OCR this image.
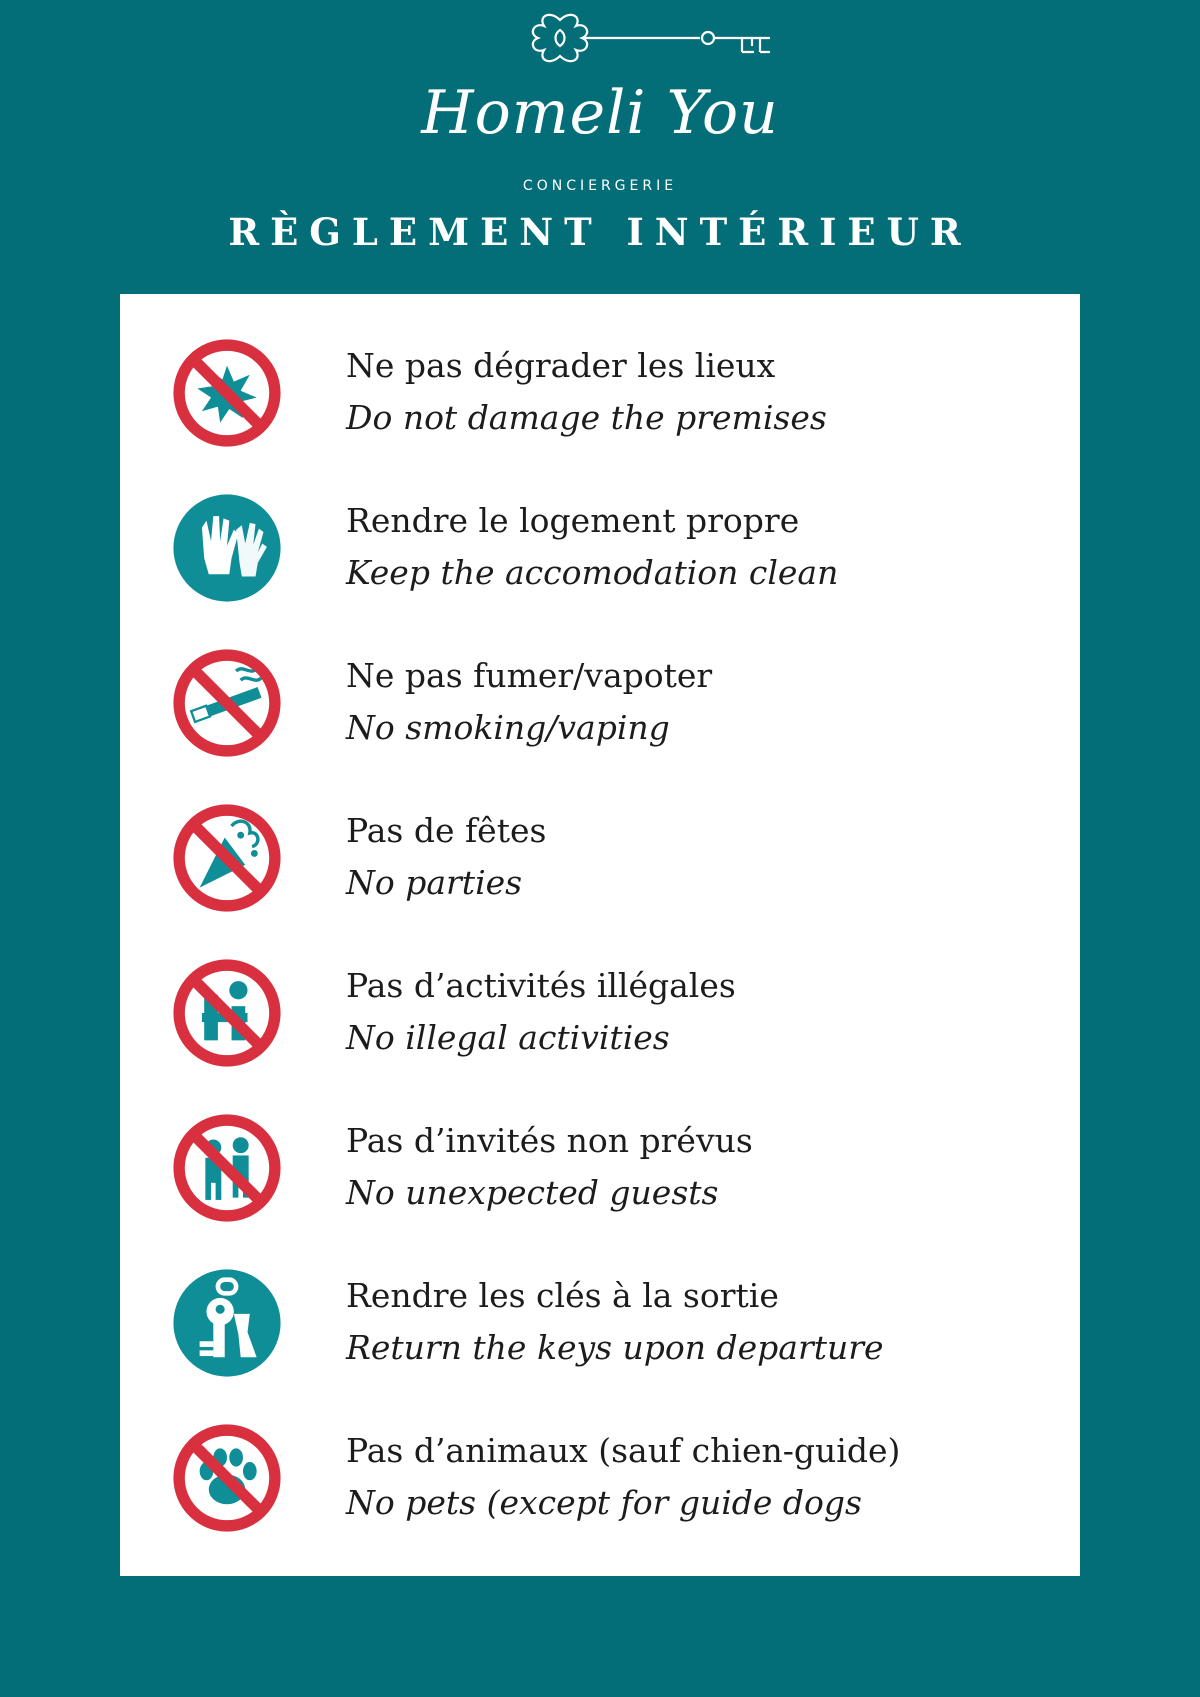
Homeli You
CONCIERGERIE
RÈGLEMENT INTÉRIEUR
Ne pas dégrader les lieux
Do not damage the premises
Rendre le logement propre
Keep the accomodation clean
Ne pas fumer/vapoter
No smoking/vaping
Pas de fêtes
No parties
Pas d’activités illégales
No illegal activities
Pas d’invités non prévus
No unexpected guests
Rendre les clés à la sortie
Return the keys upon departure
Pas d’animaux (sauf chien-guide)
No pets (except for guide dogs
